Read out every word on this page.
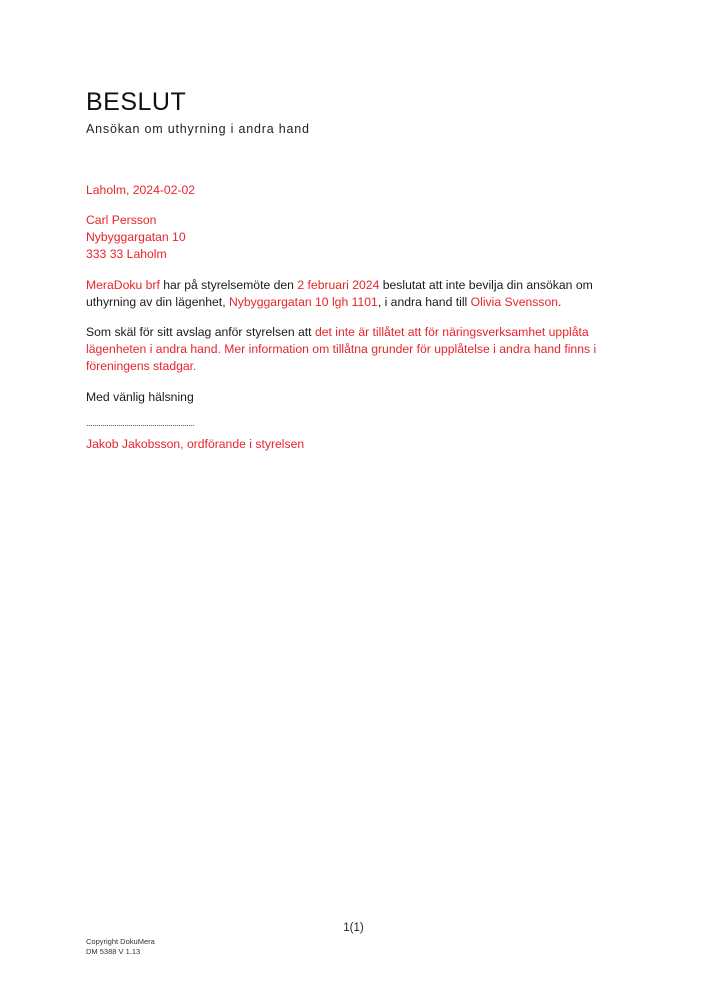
BESLUT

Ansökan om uthyrning i andra hand

Laholm, 2024-02-02

Carl Persson
Nybyggargatan 10
333 33 Laholm

MeraDoku brf har på styrelsemöte den 2 februari 2024 beslutat att inte bevilja din ansökan om uthyrning av din lägenhet, Nybyggargatan 10 lgh 1101, i andra hand till Olivia Svensson.

Som skäl för sitt avslag anför styrelsen att det inte är tillåtet att för näringsverksamhet upplåta lägenheten i andra hand. Mer information om tillåtna grunder för upplåtelse i andra hand finns i föreningens stadgar.

Med vänlig hälsning

......................................................

Jakob Jakobsson, ordförande i styrelsen

1(1)
Copyright DokuMera
DM 5388 V 1.13
